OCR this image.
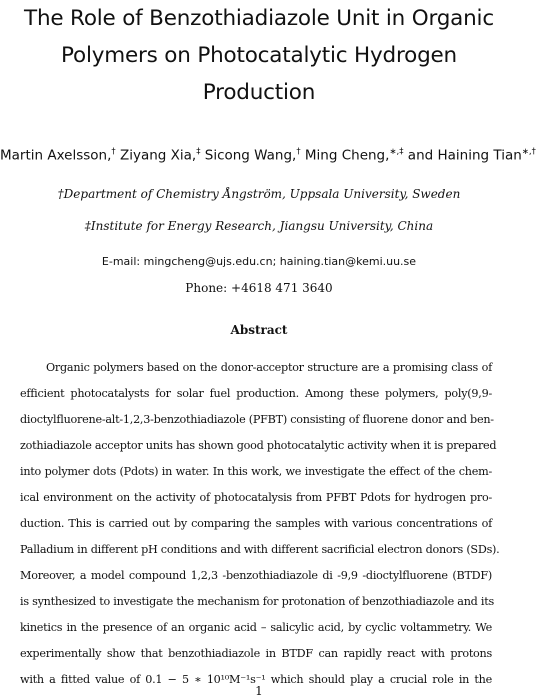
The Role of Benzothiadiazole Unit in Organic
Polymers on Photocatalytic Hydrogen
Production
Martin Axelsson,† Ziyang Xia,‡ Sicong Wang,† Ming Cheng,∗,‡ and Haining Tian∗,†
†Department of Chemistry Ångström, Uppsala University, Sweden
‡Institute for Energy Research, Jiangsu University, China
E-mail: mingcheng@ujs.edu.cn; haining.tian@kemi.uu.se
Phone: +4618 471 3640
Abstract
Organic polymers based on the donor-acceptor structure are a promising class of
efficient photocatalysts for solar fuel production. Among these polymers, poly(9,9-
dioctylfluorene-alt-1,2,3-benzothiadiazole (PFBT) consisting of fluorene donor and ben-
zothiadiazole acceptor units has shown good photocatalytic activity when it is prepared
into polymer dots (Pdots) in water. In this work, we investigate the effect of the chem-
ical environment on the activity of photocatalysis from PFBT Pdots for hydrogen pro-
duction. This is carried out by comparing the samples with various concentrations of
Palladium in different pH conditions and with different sacrificial electron donors (SDs).
Moreover, a model compound 1,2,3 -benzothiadiazole di -9,9 -dioctylfluorene (BTDF)
is synthesized to investigate the mechanism for protonation of benzothiadiazole and its
kinetics in the presence of an organic acid – salicylic acid, by cyclic voltammetry. We
experimentally show that benzothiadiazole in BTDF can rapidly react with protons
with a fitted value of 0.1 − 5 ∗ 10¹⁰M⁻¹s⁻¹ which should play a crucial role in the
1
